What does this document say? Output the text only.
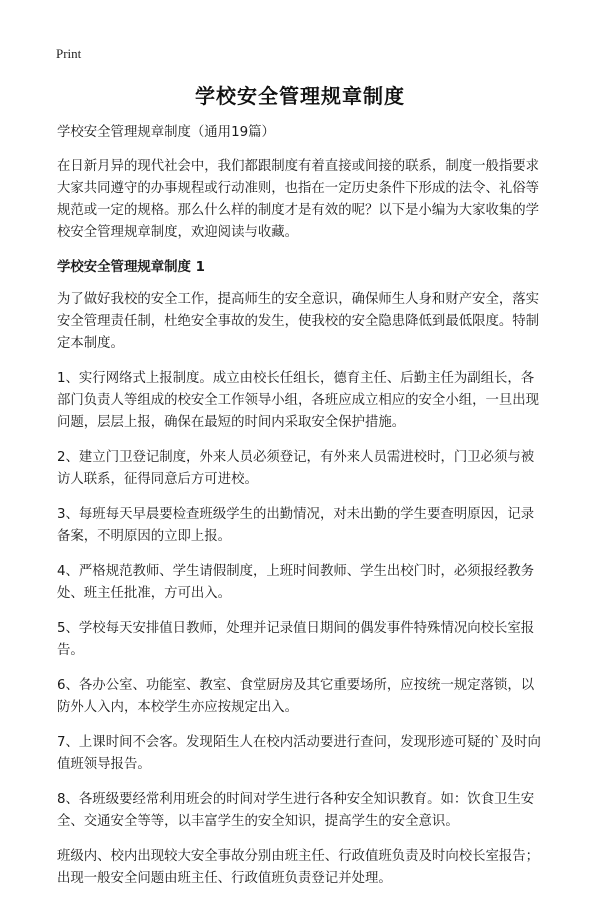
Print
学校安全管理规章制度

学校安全管理规章制度（通用19篇）

在日新月异的现代社会中，我们都跟制度有着直接或间接的联系，制度一般指要求大家共同遵守的办事规程或行动准则，也指在一定历史条件下形成的法令、礼俗等规范或一定的规格。那么什么样的制度才是有效的呢？以下是小编为大家收集的学校安全管理规章制度，欢迎阅读与收藏。

学校安全管理规章制度 1

为了做好我校的安全工作，提高师生的安全意识，确保师生人身和财产安全，落实安全管理责任制，杜绝安全事故的发生，使我校的安全隐患降低到最低限度。特制定本制度。

1、实行网络式上报制度。成立由校长任组长，德育主任、后勤主任为副组长，各部门负责人等组成的校安全工作领导小组，各班应成立相应的安全小组，一旦出现问题，层层上报，确保在最短的时间内采取安全保护措施。

2、建立门卫登记制度，外来人员必须登记，有外来人员需进校时，门卫必须与被访人联系，征得同意后方可进校。

3、每班每天早晨要检查班级学生的出勤情况，对未出勤的学生要查明原因，记录备案，不明原因的立即上报。

4、严格规范教师、学生请假制度，上班时间教师、学生出校门时，必须报经教务处、班主任批准，方可出入。

5、学校每天安排值日教师，处理并记录值日期间的偶发事件特殊情况向校长室报告。

6、各办公室、功能室、教室、食堂厨房及其它重要场所，应按统一规定落锁，以防外人入内，本校学生亦应按规定出入。

7、上课时间不会客。发现陌生人在校内活动要进行查问，发现形迹可疑的`及时向值班领导报告。

8、各班级要经常利用班会的时间对学生进行各种安全知识教育。如：饮食卫生安全、交通安全等等，以丰富学生的安全知识，提高学生的安全意识。

班级内、校内出现较大安全事故分别由班主任、行政值班负责及时向校长室报告；出现一般安全问题由班主任、行政值班负责登记并处理。
